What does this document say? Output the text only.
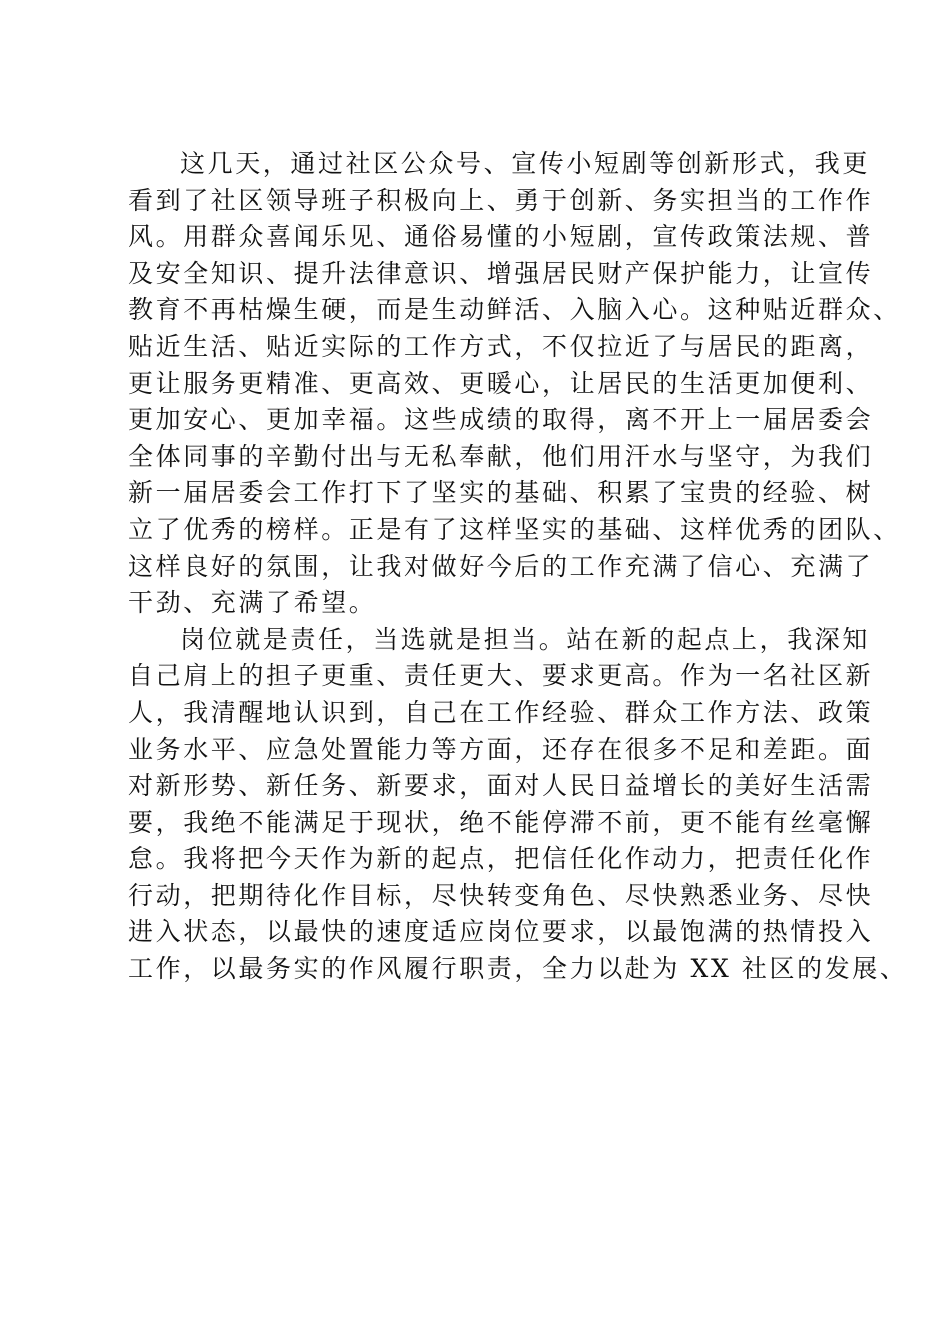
这几天，通过社区公众号、宣传小短剧等创新形式，我更
看到了社区领导班子积极向上、勇于创新、务实担当的工作作
风。用群众喜闻乐见、通俗易懂的小短剧，宣传政策法规、普
及安全知识、提升法律意识、增强居民财产保护能力，让宣传
教育不再枯燥生硬，而是生动鲜活、入脑入心。这种贴近群众、
贴近生活、贴近实际的工作方式，不仅拉近了与居民的距离，
更让服务更精准、更高效、更暖心，让居民的生活更加便利、
更加安心、更加幸福。这些成绩的取得，离不开上一届居委会
全体同事的辛勤付出与无私奉献，他们用汗水与坚守，为我们
新一届居委会工作打下了坚实的基础、积累了宝贵的经验、树
立了优秀的榜样。正是有了这样坚实的基础、这样优秀的团队、
这样良好的氛围，让我对做好今后的工作充满了信心、充满了
干劲、充满了希望。
岗位就是责任，当选就是担当。站在新的起点上，我深知
自己肩上的担子更重、责任更大、要求更高。作为一名社区新
人，我清醒地认识到，自己在工作经验、群众工作方法、政策
业务水平、应急处置能力等方面，还存在很多不足和差距。面
对新形势、新任务、新要求，面对人民日益增长的美好生活需
要，我绝不能满足于现状，绝不能停滞不前，更不能有丝毫懈
怠。我将把今天作为新的起点，把信任化作动力，把责任化作
行动，把期待化作目标，尽快转变角色、尽快熟悉业务、尽快
进入状态，以最快的速度适应岗位要求，以最饱满的热情投入
工作，以最务实的作风履行职责，全力以赴为 XX 社区的发展、
